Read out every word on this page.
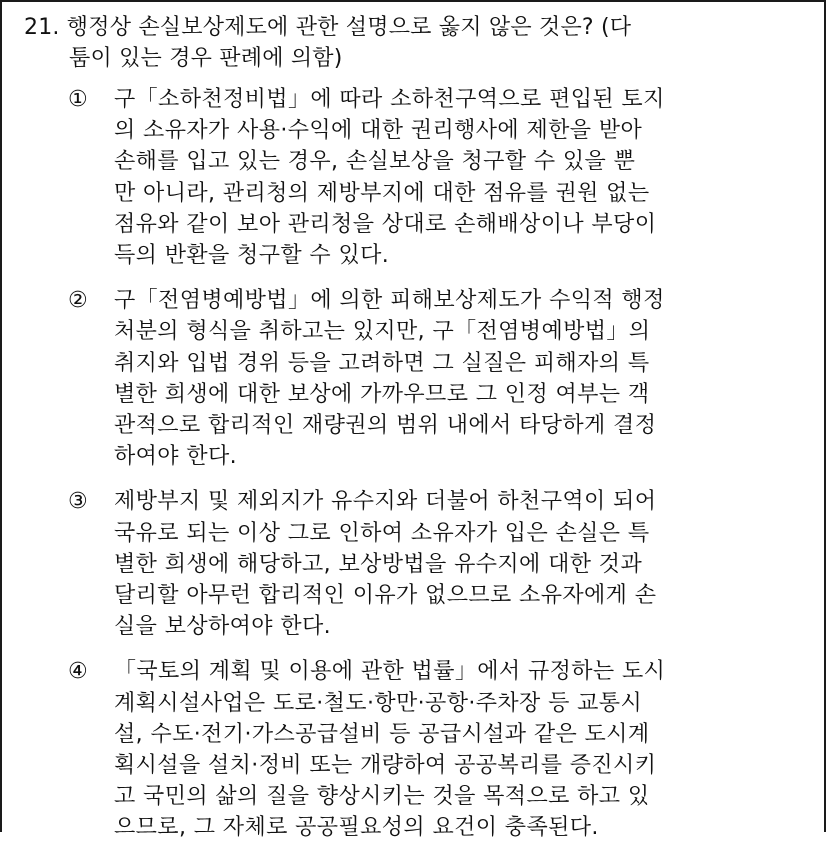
21. 행정상 손실보상제도에 관한 설명으로 옳지 않은 것은? (다
툼이 있는 경우 판례에 의함)
①	구「소하천정비법」에 따라 소하천구역으로 편입된 토지
의 소유자가 사용·수익에 대한 권리행사에 제한을 받아
손해를 입고 있는 경우, 손실보상을 청구할 수 있을 뿐
만 아니라, 관리청의 제방부지에 대한 점유를 권원 없는
점유와 같이 보아 관리청을 상대로 손해배상이나 부당이
득의 반환을 청구할 수 있다.
②	구「전염병예방법」에 의한 피해보상제도가 수익적 행정
처분의 형식을 취하고는 있지만, 구「전염병예방법」의
취지와 입법 경위 등을 고려하면 그 실질은 피해자의 특
별한 희생에 대한 보상에 가까우므로 그 인정 여부는 객
관적으로 합리적인 재량권의 범위 내에서 타당하게 결정
하여야 한다.
③	제방부지 및 제외지가 유수지와 더불어 하천구역이 되어
국유로 되는 이상 그로 인하여 소유자가 입은 손실은 특
별한 희생에 해당하고, 보상방법을 유수지에 대한 것과
달리할 아무런 합리적인 이유가 없으므로 소유자에게 손
실을 보상하여야 한다.
④	「국토의 계획 및 이용에 관한 법률」에서 규정하는 도시
계획시설사업은 도로·철도·항만·공항·주차장 등 교통시
설, 수도·전기·가스공급설비 등 공급시설과 같은 도시계
획시설을 설치·정비 또는 개량하여 공공복리를 증진시키
고 국민의 삶의 질을 향상시키는 것을 목적으로 하고 있
으므로, 그 자체로 공공필요성의 요건이 충족된다.
